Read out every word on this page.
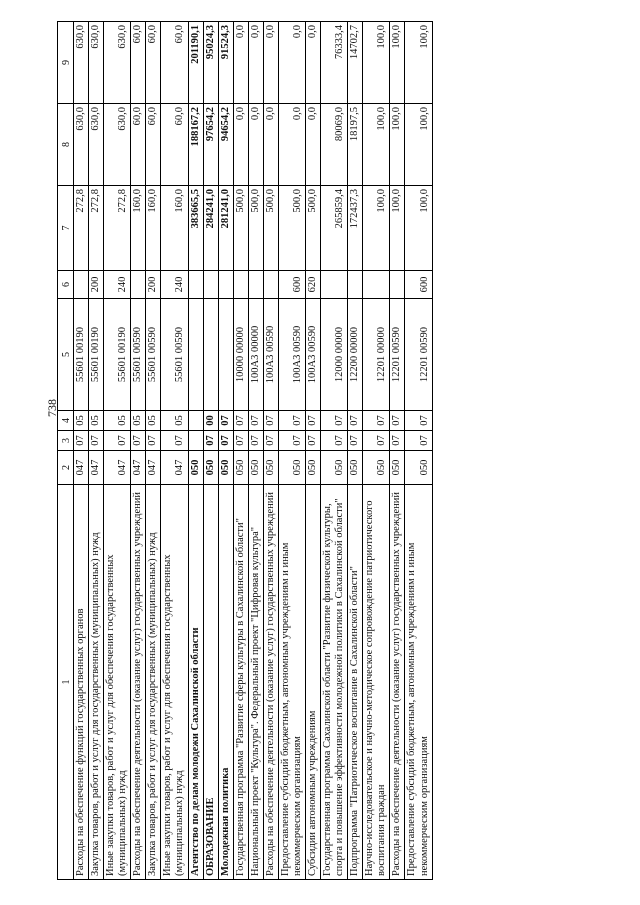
738
1	2	3	4	5	6	7	8	9
Расходы на обеспечение функций государственных органов	047	07	05	55601 00190		272,8	630,0	630,0
Закупка товаров, работ и услуг для государственных (муниципальных) нужд	047	07	05	55601 00190	200	272,8	630,0	630,0
Иные закупки товаров, работ и услуг для обеспечения государственных (муниципальных) нужд	047	07	05	55601 00190	240	272,8	630,0	630,0
Расходы на обеспечение деятельности (оказание услуг) государственных учреждений	047	07	05	55601 00590		160,0	60,0	60,0
Закупка товаров, работ и услуг для государственных (муниципальных) нужд	047	07	05	55601 00590	200	160,0	60,0	60,0
Иные закупки товаров, работ и услуг для обеспечения государственных (муниципальных) нужд	047	07	05	55601 00590	240	160,0	60,0	60,0
Агентство по делам молодежи Сахалинской области	050					383665,5	188167,2	201190,1
ОБРАЗОВАНИЕ	050	07	00			284241,0	97654,2	95024,3
Молодежная политика	050	07	07			281241,0	94654,2	91524,3
Государственная программа "Развитие сферы культуры в Сахалинской области"	050	07	07	10000 00000		500,0	0,0	0,0
Национальный проект "Культура". Федеральный проект "Цифровая культура"	050	07	07	100А3 00000		500,0	0,0	0,0
Расходы на обеспечение деятельности (оказание услуг) государственных учреждений	050	07	07	100А3 00590		500,0	0,0	0,0
Предоставление субсидий бюджетным, автономным учреждениям и иным некоммерческим организациям	050	07	07	100А3 00590	600	500,0	0,0	0,0
Субсидии автономным учреждениям	050	07	07	100А3 00590	620	500,0	0,0	0,0
Государственная программа Сахалинской области "Развитие физической культуры, спорта и повышение эффективности молодежной политики в Сахалинской области"	050	07	07	12000 00000		265859,4	80069,0	76333,4
Подпрограмма "Патриотическое воспитание в Сахалинской области"	050	07	07	12200 00000		172437,3	18197,5	14702,7
Научно-исследовательское и научно-методическое сопровождение патриотического воспитания граждан	050	07	07	12201 00000		100,0	100,0	100,0
Расходы на обеспечение деятельности (оказание услуг) государственных учреждений	050	07	07	12201 00590		100,0	100,0	100,0
Предоставление субсидий бюджетным, автономным учреждениям и иным некоммерческим организациям	050	07	07	12201 00590	600	100,0	100,0	100,0
